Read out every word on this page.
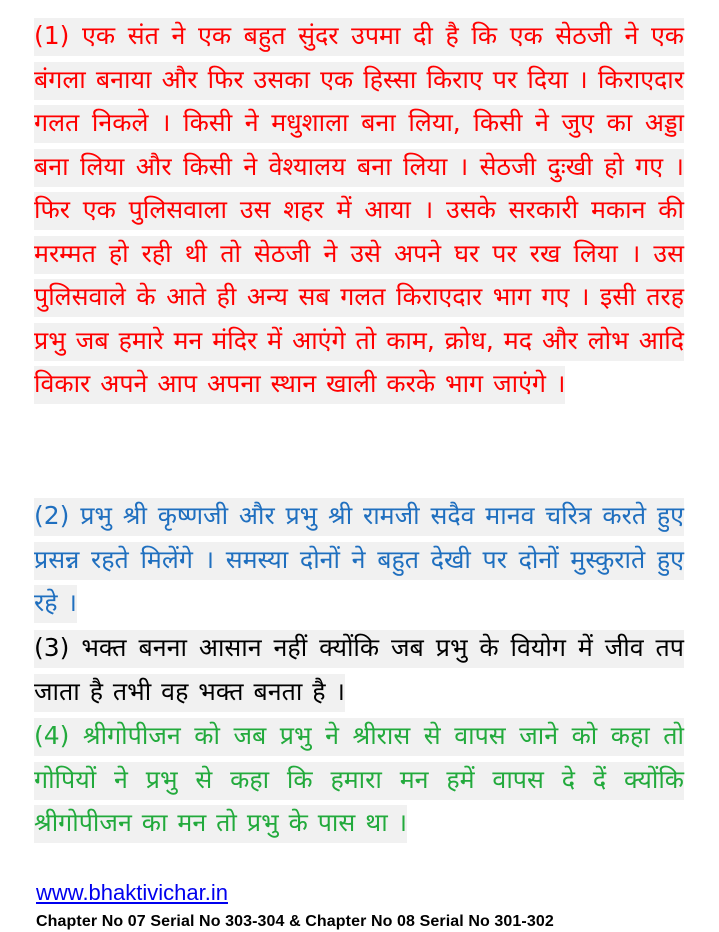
(1) एक संत ने एक बहुत सुंदर उपमा दी है कि एक सेठजी ने एक बंगला बनाया और फिर उसका एक हिस्सा किराए पर दिया । किराएदार गलत निकले । किसी ने मधुशाला बना लिया, किसी ने जुए का अड्डा बना लिया और किसी ने वेश्यालय बना लिया । सेठजी दुःखी हो गए । फिर एक पुलिसवाला उस शहर में आया । उसके सरकारी मकान की मरम्मत हो रही थी तो सेठजी ने उसे अपने घर पर रख लिया । उस पुलिसवाले के आते ही अन्य सब गलत किराएदार भाग गए । इसी तरह प्रभु जब हमारे मन मंदिर में आएंगे तो काम, क्रोध, मद और लोभ आदि विकार अपने आप अपना स्थान खाली करके भाग जाएंगे ।
(2) प्रभु श्री कृष्णजी और प्रभु श्री रामजी सदैव मानव चरित्र करते हुए प्रसन्न रहते मिलेंगे । समस्या दोनों ने बहुत देखी पर दोनों मुस्कुराते हुए रहे ।
(3) भक्त बनना आसान नहीं क्योंकि जब प्रभु के वियोग में जीव तप जाता है तभी वह भक्त बनता है ।
(4) श्रीगोपीजन को जब प्रभु ने श्रीरास से वापस जाने को कहा तो गोपियों ने प्रभु से कहा कि हमारा मन हमें वापस दे दें क्योंकि श्रीगोपीजन का मन तो प्रभु के पास था ।
www.bhaktivichar.in
Chapter No 07 Serial No 303-304 & Chapter No 08 Serial No 301-302
